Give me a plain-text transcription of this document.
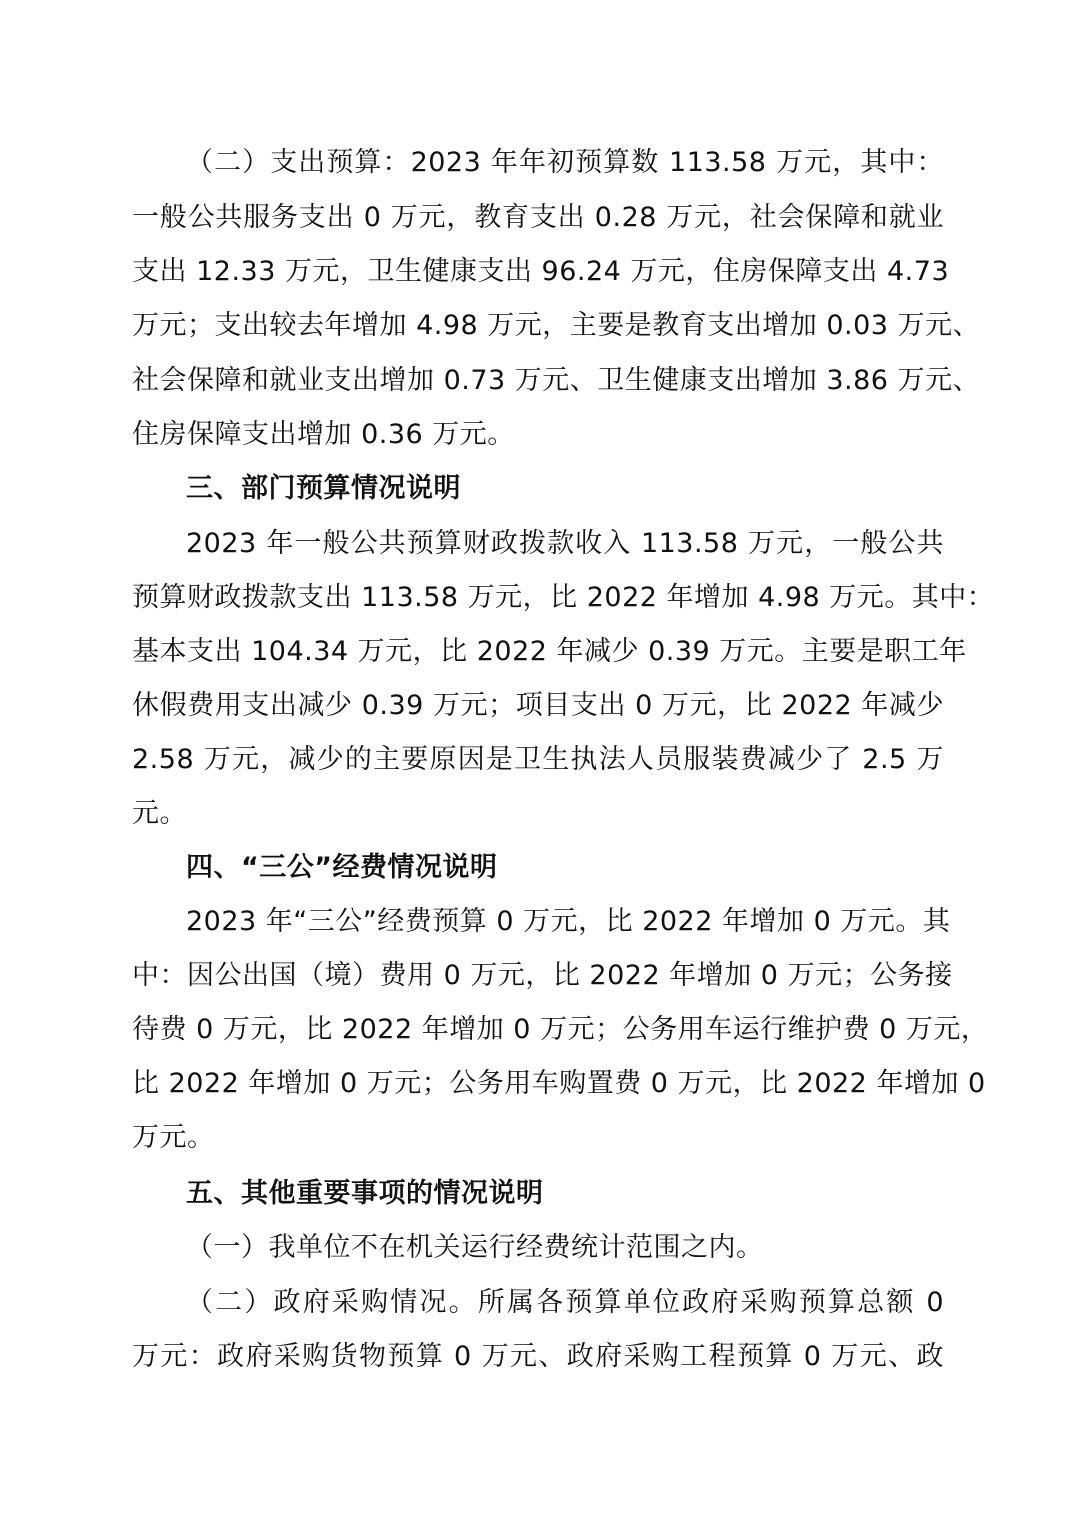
（二）支出预算：2023 年年初预算数 113.58 万元，其中：
一般公共服务支出 0 万元，教育支出 0.28 万元，社会保障和就业
支出 12.33 万元，卫生健康支出 96.24 万元，住房保障支出 4.73
万元；支出较去年增加 4.98 万元，主要是教育支出增加 0.03 万元、
社会保障和就业支出增加 0.73 万元、卫生健康支出增加 3.86 万元、
住房保障支出增加 0.36 万元。
三、部门预算情况说明
2023 年一般公共预算财政拨款收入 113.58 万元，一般公共
预算财政拨款支出 113.58 万元，比 2022 年增加 4.98 万元。其中：
基本支出 104.34 万元，比 2022 年减少 0.39 万元。主要是职工年
休假费用支出减少 0.39 万元；项目支出 0 万元，比 2022 年减少
2.58 万元，减少的主要原因是卫生执法人员服装费减少了 2.5 万
元。
四、“三公”经费情况说明
2023 年“三公”经费预算 0 万元，比 2022 年增加 0 万元。其
中：因公出国（境）费用 0 万元，比 2022 年增加 0 万元；公务接
待费 0 万元，比 2022 年增加 0 万元；公务用车运行维护费 0 万元，
比 2022 年增加 0 万元；公务用车购置费 0 万元，比 2022 年增加 0
万元。
五、其他重要事项的情况说明
（一）我单位不在机关运行经费统计范围之内。
（二）政府采购情况。所属各预算单位政府采购预算总额 0
万元：政府采购货物预算 0 万元、政府采购工程预算 0 万元、政
